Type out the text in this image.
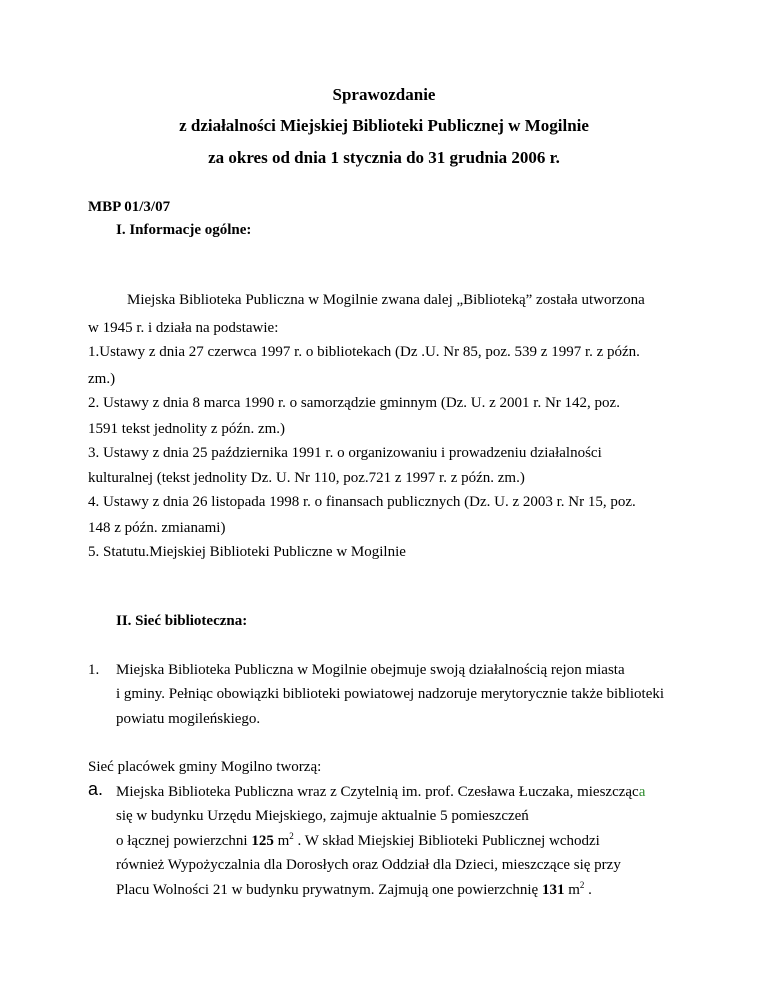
Sprawozdanie
z działalności Miejskiej Biblioteki Publicznej w Mogilnie
za okres od dnia 1 stycznia do 31 grudnia 2006 r.
MBP 01/3/07
I. Informacje ogólne:
Miejska Biblioteka Publiczna w Mogilnie zwana dalej „Biblioteką” została utworzona
w 1945 r. i działa na podstawie:
1.Ustawy z dnia 27 czerwca 1997 r. o bibliotekach (Dz .U. Nr 85, poz. 539 z 1997 r. z późn.
zm.)
2. Ustawy z dnia 8 marca 1990 r. o samorządzie gminnym (Dz. U. z 2001 r. Nr 142, poz.
1591 tekst jednolity z późn. zm.)
3. Ustawy z dnia 25 października 1991 r. o organizowaniu i prowadzeniu działalności
kulturalnej (tekst jednolity Dz. U. Nr 110, poz.721 z 1997 r. z późn. zm.)
4. Ustawy z dnia 26 listopada 1998 r. o finansach publicznych (Dz. U. z 2003 r. Nr 15, poz.
148 z późn. zmianami)
5. Statutu.Miejskiej Biblioteki Publiczne w Mogilnie
II. Sieć biblioteczna:
1. Miejska Biblioteka Publiczna w Mogilnie obejmuje swoją działalnością rejon miasta
i gminy. Pełniąc obowiązki biblioteki powiatowej nadzoruje merytorycznie także biblioteki
powiatu mogileńskiego.
Sieć placówek gminy Mogilno tworzą:
a. Miejska Biblioteka Publiczna wraz z Czytelnią im. prof. Czesława Łuczaka, mieszcząca
się w budynku Urzędu Miejskiego, zajmuje aktualnie 5 pomieszczeń
o łącznej powierzchni 125 $m^2$ . W skład Miejskiej Biblioteki Publicznej wchodzi
również Wypożyczalnia dla Dorosłych oraz Oddział dla Dzieci, mieszczące się przy
Placu Wolności 21 w budynku prywatnym. Zajmują one powierzchnię 131 $m^2$ .
